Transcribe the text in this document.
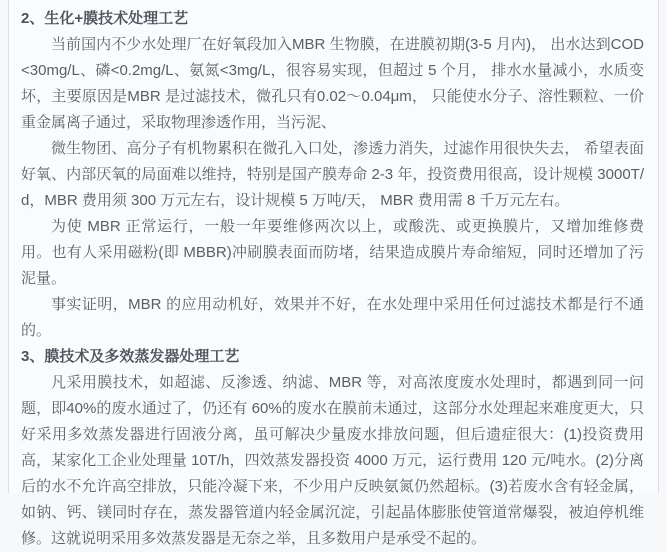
2、生化+膜技术处理工艺

当前国内不少水处理厂在好氧段加入MBR 生物膜，在进膜初期(3-5 月内)， 出水达到COD<30mg/L、磷<0.2mg/L、氨氮<3mg/L，很容易实现，但超过 5 个月， 排水水量减小，水质变坏，主要原因是MBR 是过滤技术，微孔只有0.02～0.04μm， 只能使水分子、溶性颗粒、一价重金属离子通过，采取物理渗透作用，当污泥、

微生物团、高分子有机物累积在微孔入口处，渗透力消失，过滤作用很快失去， 希望表面好氧、内部厌氧的局面难以维持，特别是国产膜寿命 2-3 年，投资费用很高，设计规模 3000T/d，MBR 费用须 300 万元左右，设计规模 5 万吨/天， MBR 费用需 8 千万元左右。

为使 MBR 正常运行，一般一年要维修两次以上，或酸洗、或更换膜片，又增加维修费用。也有人采用磁粉(即 MBBR)冲刷膜表面而防堵，结果造成膜片寿命缩短，同时还增加了污泥量。

事实证明，MBR 的应用动机好，效果并不好，在水处理中采用任何过滤技术都是行不通的。

3、膜技术及多效蒸发器处理工艺

凡采用膜技术，如超滤、反渗透、纳滤、MBR 等，对高浓度废水处理时，都遇到同一问题，即40%的废水通过了，仍还有 60%的废水在膜前未通过，这部分水处理起来难度更大，只好采用多效蒸发器进行固液分离，虽可解决少量废水排放问题，但后遗症很大：(1)投资费用高，某家化工企业处理量 10T/h，四效蒸发器投资 4000 万元，运行费用 120 元/吨水。(2)分离后的水不允许高空排放，只能冷凝下来，不少用户反映氨氮仍然超标。(3)若废水含有轻金属，如钠、钙、镁同时存在，蒸发器管道内轻金属沉淀，引起晶体膨胀使管道常爆裂，被迫停机维修。这就说明采用多效蒸发器是无奈之举，且多数用户是承受不起的。
